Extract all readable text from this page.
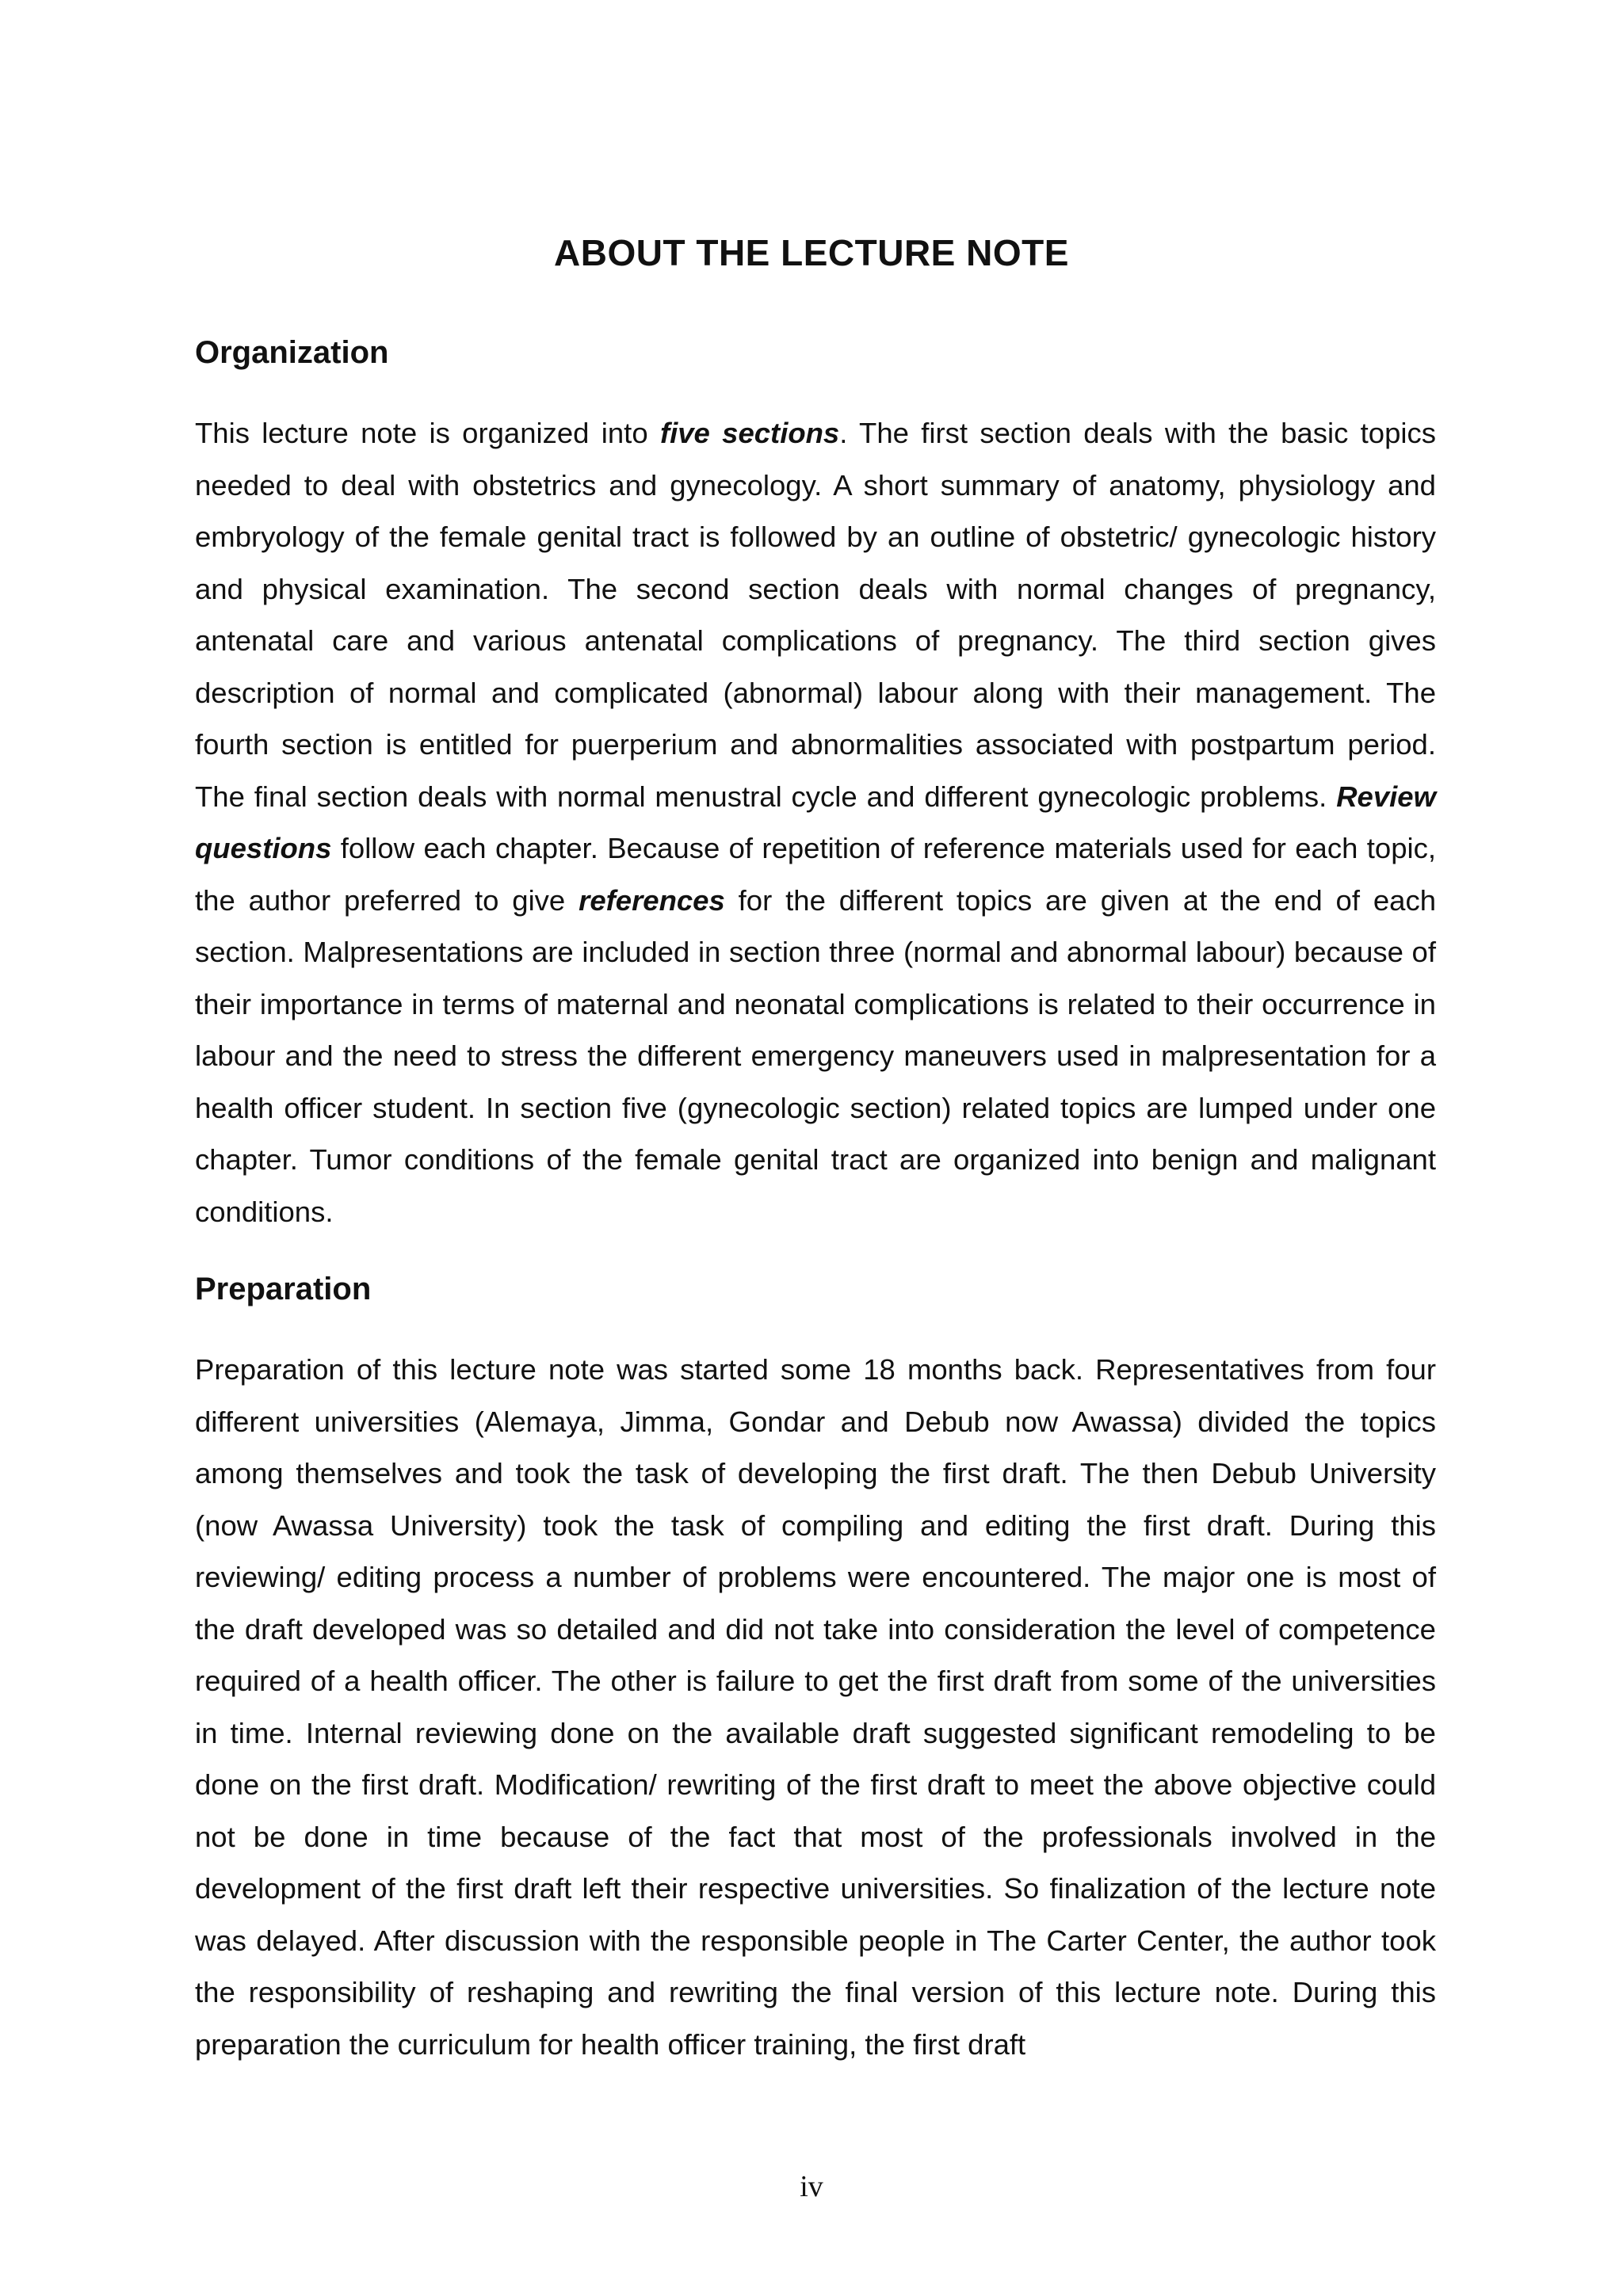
ABOUT THE LECTURE NOTE
Organization

This lecture note is organized into five sections. The first section deals with the basic topics needed to deal with obstetrics and gynecology. A short summary of anatomy, physiology and embryology of the female genital tract is followed by an outline of obstetric/ gynecologic history and physical examination. The second section deals with normal changes of pregnancy, antenatal care and various antenatal complications of pregnancy. The third section gives description of normal and complicated (abnormal) labour along with their management. The fourth section is entitled for puerperium and abnormalities associated with postpartum period. The final section deals with normal menustral cycle and different gynecologic problems. Review questions follow each chapter. Because of repetition of reference materials used for each topic, the author preferred to give references for the different topics are given at the end of each section. Malpresentations are included in section three (normal and abnormal labour) because of their importance in terms of maternal and neonatal complications is related to their occurrence in labour and the need to stress the different emergency maneuvers used in malpresentation for a health officer student. In section five (gynecologic section) related topics are lumped under one chapter. Tumor conditions of the female genital tract are organized into benign and malignant conditions.

Preparation

Preparation of this lecture note was started some 18 months back. Representatives from four different universities (Alemaya, Jimma, Gondar and Debub now Awassa) divided the topics among themselves and took the task of developing the first draft. The then Debub University (now Awassa University) took the task of compiling and editing the first draft. During this reviewing/ editing process a number of problems were encountered. The major one is most of the draft developed was so detailed and did not take into consideration the level of competence required of a health officer. The other is failure to get the first draft from some of the universities in time. Internal reviewing done on the available draft suggested significant remodeling to be done on the first draft. Modification/ rewriting of the first draft to meet the above objective could not be done in time because of the fact that most of the professionals involved in the development of the first draft left their respective universities. So finalization of the lecture note was delayed. After discussion with the responsible people in The Carter Center, the author took the responsibility of reshaping and rewriting the final version of this lecture note. During this preparation the curriculum for health officer training, the first draft

iv
